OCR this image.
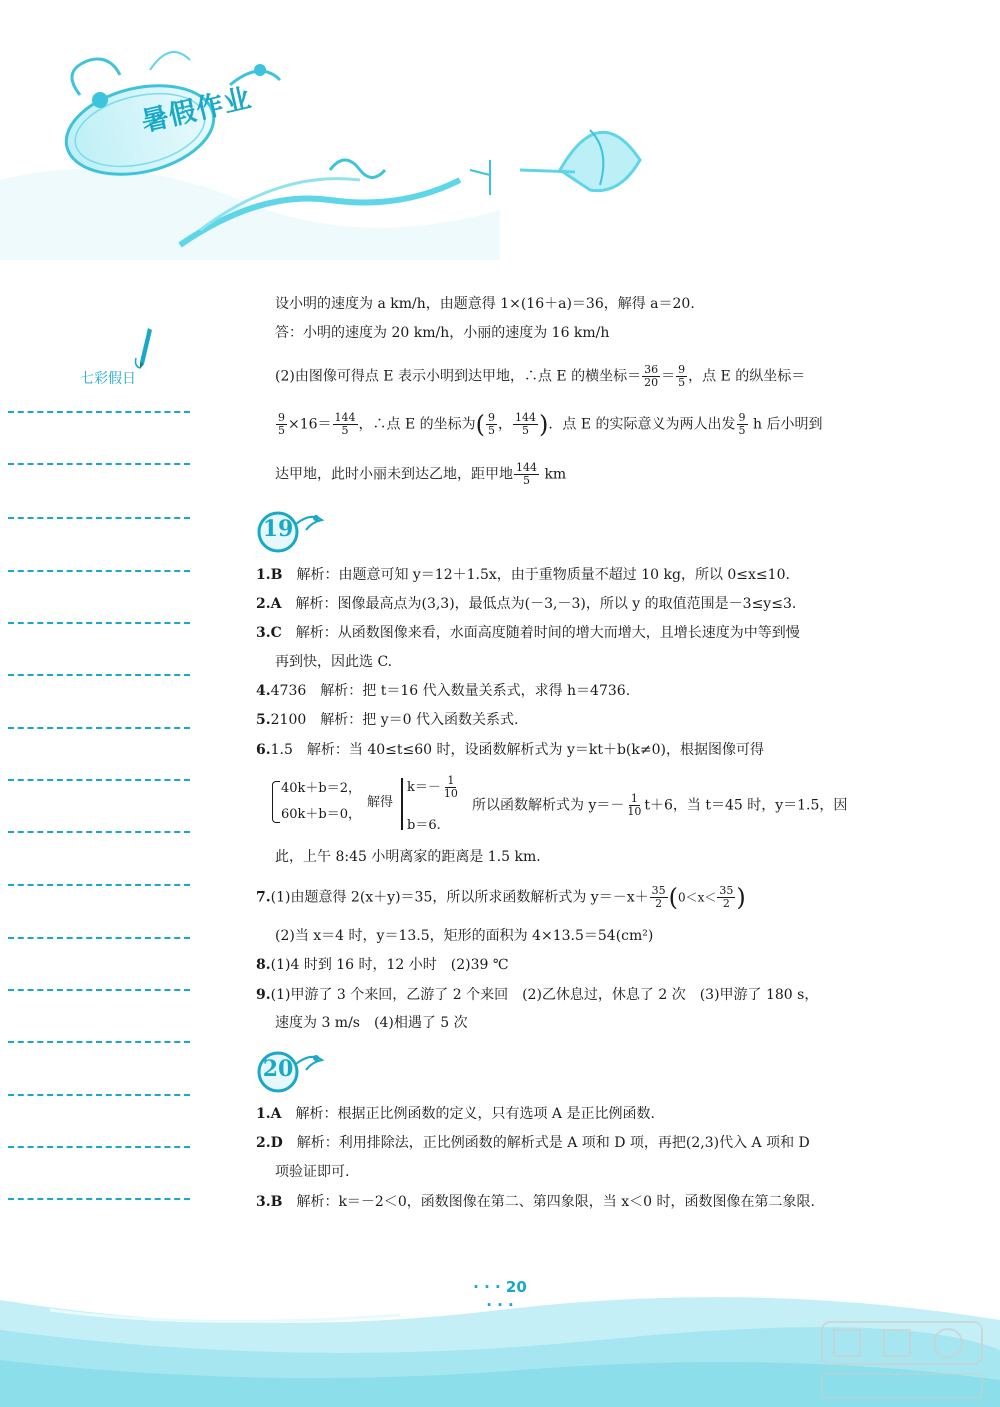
暑假作业
七彩假日
设小明的速度为 a km/h，由题意得 1×(16＋a)＝36，解得 a＝20.
答：小明的速度为 20 km/h，小丽的速度为 16 km/h
(2)由图像可得点 E 表示小明到达甲地，∴点 E 的横坐标＝ $\frac{36}{20} = \frac{9}{5}$ ，点 E 的纵坐标＝
$\frac{9}{5} \times 16= \frac{144}{5}$ ，∴点 E 的坐标为( $\frac{9}{5}$ ， $\frac{144}{5}$ )．点 E 的实际意义为两人出发 $\frac{9}{5}$ h 后小明到
达甲地，此时小丽未到达乙地，距甲地 $\frac{144}{5}$ km
19
1.B　解析：由题意可知 y＝12＋1.5x，由于重物质量不超过 10 kg，所以 0≤x≤10.
2.A　解析：图像最高点为(3,3)，最低点为(－3,－3)，所以 y 的取值范围是－3≤y≤3.
3.C　解析：从函数图像来看，水面高度随着时间的增大而增大，且增长速度为中等到慢
再到快，因此选 C.
4.4736　解析：把 t＝16 代入数量关系式，求得 h＝4736.
5.2100　解析：把 y＝0 代入函数关系式.
6.1.5　解析：当 40≤t≤60 时，设函数解析式为 y＝kt＋b(k≠0)，根据图像可得
40k＋b＝2，
60k＋b＝0，
解得
$k=- \frac{1}{10}$
b＝6.
所以函数解析式为 $y=- \frac{1}{10} t+6$，当 t＝45 时，y＝1.5，因
此，上午 8:45 小明离家的距离是 1.5 km.
7.(1)由题意得 2(x＋y)＝35，所以所求函数解析式为 $y=-x+ \frac{35}{2} (0<x< \frac{35}{2}$ )
(2)当 x＝4 时，y＝13.5，矩形的面积为 4×13.5＝54(cm²)
8.(1)4 时到 16 时，12 小时　(2)39 ℃
9.(1)甲游了 3 个来回，乙游了 2 个来回　(2)乙休息过，休息了 2 次　(3)甲游了 180 s，
速度为 3 m/s　(4)相遇了 5 次
20
1.A　解析：根据正比例函数的定义，只有选项 A 是正比例函数.
2.D　解析：利用排除法，正比例函数的解析式是 A 项和 D 项，再把(2,3)代入 A 项和 D
项验证即可.
3.B　解析：k＝－2＜0，函数图像在第二、第四象限，当 x＜0 时，函数图像在第二象限.
· · · 20 · · ·
